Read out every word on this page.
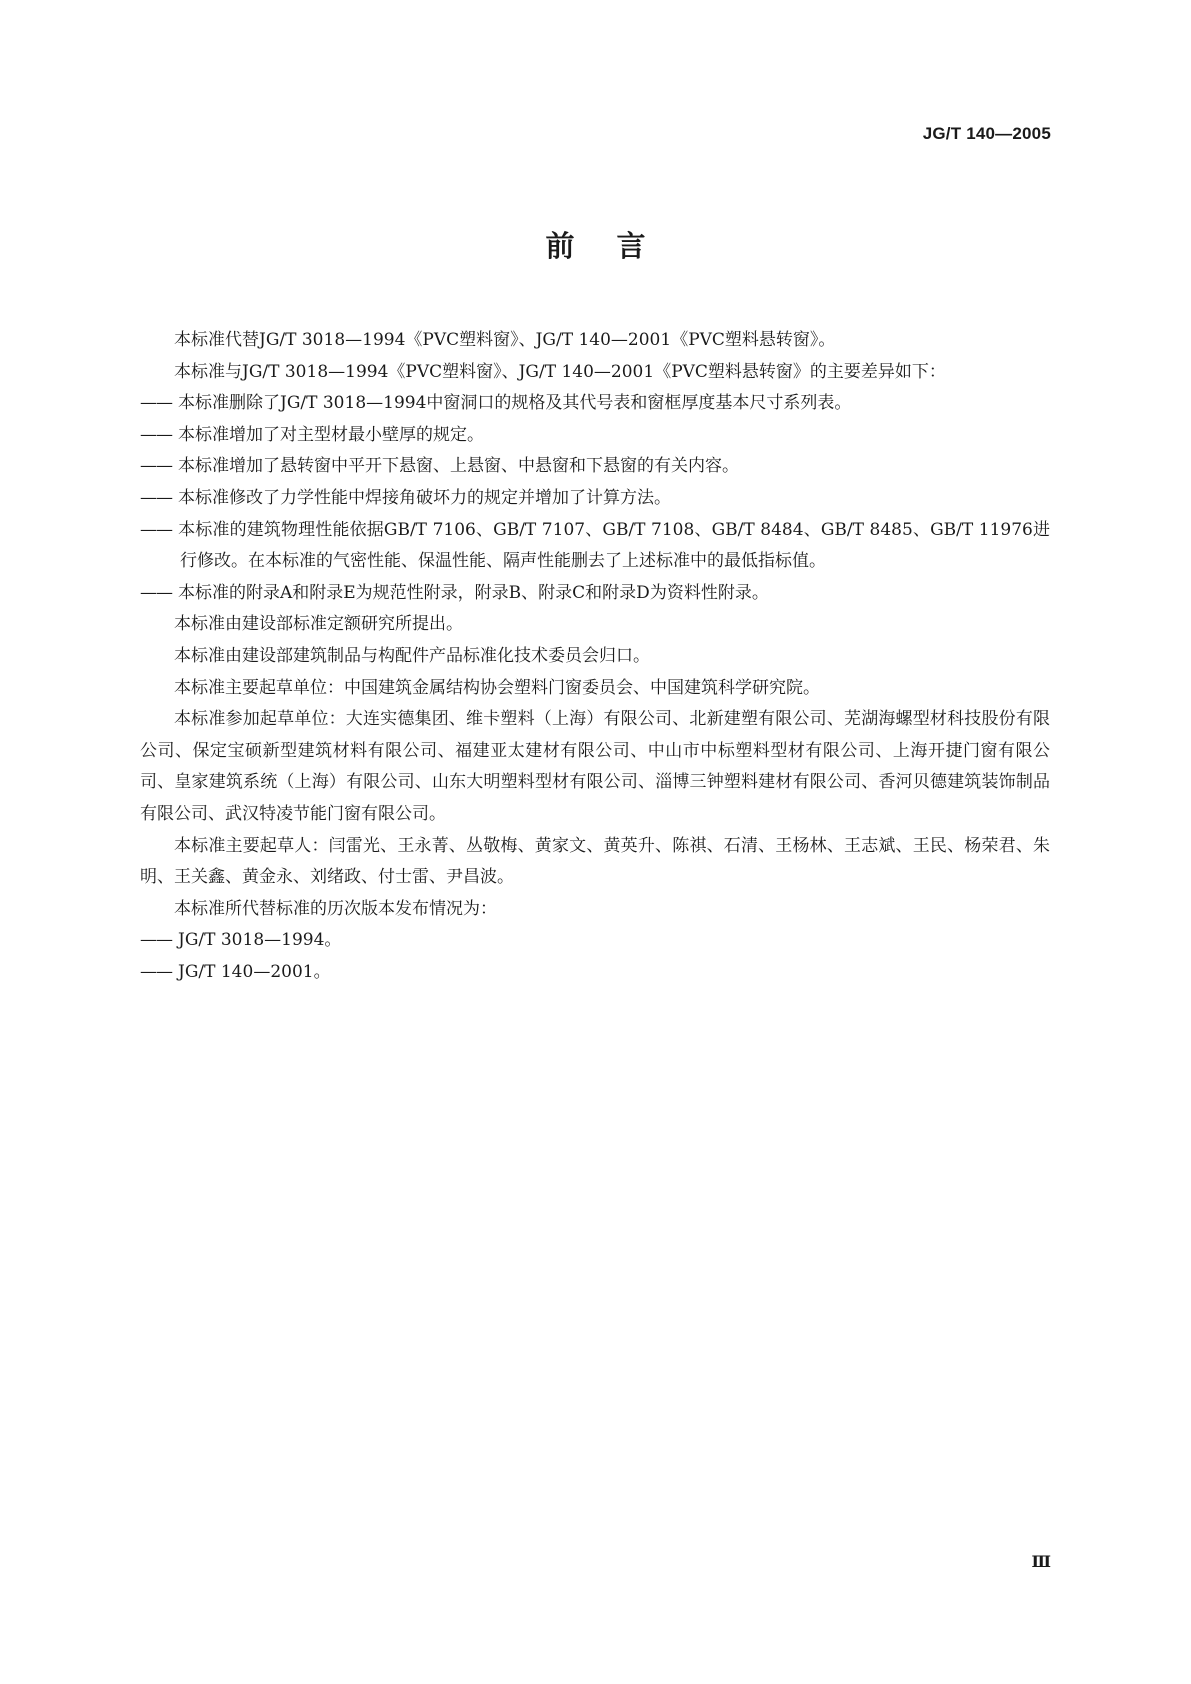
JG/T 140—2005
前言

本标准代替JG/T 3018—1994《PVC塑料窗》、JG/T 140—2001《PVC塑料悬转窗》。

本标准与JG/T 3018—1994《PVC塑料窗》、JG/T 140—2001《PVC塑料悬转窗》的主要差异如下：

—— 本标准删除了JG/T 3018—1994中窗洞口的规格及其代号表和窗框厚度基本尺寸系列表。

—— 本标准增加了对主型材最小壁厚的规定。

—— 本标准增加了悬转窗中平开下悬窗、上悬窗、中悬窗和下悬窗的有关内容。

—— 本标准修改了力学性能中焊接角破坏力的规定并增加了计算方法。

—— 本标准的建筑物理性能依据GB/T 7106、GB/T 7107、GB/T 7108、GB/T 8484、GB/T 8485、GB/T 11976进行修改。在本标准的气密性能、保温性能、隔声性能删去了上述标准中的最低指标值。

—— 本标准的附录A和附录E为规范性附录，附录B、附录C和附录D为资料性附录。

本标准由建设部标准定额研究所提出。

本标准由建设部建筑制品与构配件产品标准化技术委员会归口。

本标准主要起草单位：中国建筑金属结构协会塑料门窗委员会、中国建筑科学研究院。

本标准参加起草单位：大连实德集团、维卡塑料（上海）有限公司、北新建塑有限公司、芜湖海螺型材科技股份有限公司、保定宝硕新型建筑材料有限公司、福建亚太建材有限公司、中山市中标塑料型材有限公司、上海开捷门窗有限公司、皇家建筑系统（上海）有限公司、山东大明塑料型材有限公司、淄博三钟塑料建材有限公司、香河贝德建筑装饰制品有限公司、武汉特凌节能门窗有限公司。

本标准主要起草人：闫雷光、王永菁、丛敬梅、黄家文、黄英升、陈祺、石清、王杨林、王志斌、王民、杨荣君、朱明、王关鑫、黄金永、刘绪政、付士雷、尹昌波。

本标准所代替标准的历次版本发布情况为：

—— JG/T 3018—1994。

—— JG/T 140—2001。

Ⅲ
